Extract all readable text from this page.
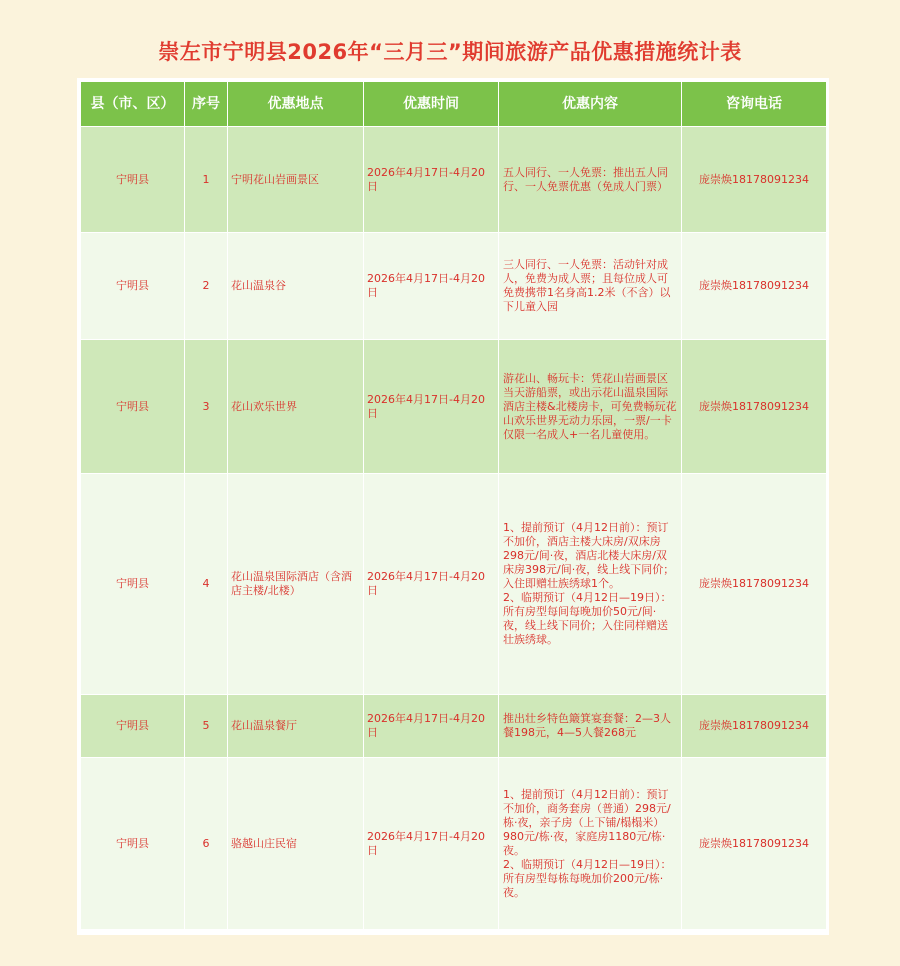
崇左市宁明县2026年“三月三”期间旅游产品优惠措施统计表
县（市、区）	序号	优惠地点	优惠时间	优惠内容	咨询电话
宁明县	1	宁明花山岩画景区	2026年4月17日-4月20日	五人同行、一人免票：推出五人同行、一人免票优惠（免成人门票）	庞崇焕18178091234
宁明县	2	花山温泉谷	2026年4月17日-4月20日	三人同行、一人免票：活动针对成人，免费为成人票；且每位成人可免费携带1名身高1.2米（不含）以下儿童入园	庞崇焕18178091234
宁明县	3	花山欢乐世界	2026年4月17日-4月20日	游花山、畅玩卡：凭花山岩画景区当天游船票，或出示花山温泉国际酒店主楼&北楼房卡，可免费畅玩花山欢乐世界无动力乐园，一票/一卡仅限一名成人+一名儿童使用。	庞崇焕18178091234
宁明县	4	花山温泉国际酒店（含酒店主楼/北楼）	2026年4月17日-4月20日	1、提前预订（4月12日前）：预订不加价，酒店主楼大床房/双床房298元/间·夜，酒店北楼大床房/双床房398元/间·夜，线上线下同价；入住即赠壮族绣球1个。
2、临期预订（4月12日—19日）：所有房型每间每晚加价50元/间·夜，线上线下同价；入住同样赠送壮族绣球。	庞崇焕18178091234
宁明县	5	花山温泉餐厅	2026年4月17日-4月20日	推出壮乡特色簸箕宴套餐：2—3人餐198元，4—5人餐268元	庞崇焕18178091234
宁明县	6	骆越山庄民宿	2026年4月17日-4月20日	1、提前预订（4月12日前）：预订不加价，商务套房（普通）298元/栋·夜，亲子房（上下铺/榻榻米）980元/栋·夜，家庭房1180元/栋·夜。
2、临期预订（4月12日—19日）：所有房型每栋每晚加价200元/栋·夜。	庞崇焕18178091234
